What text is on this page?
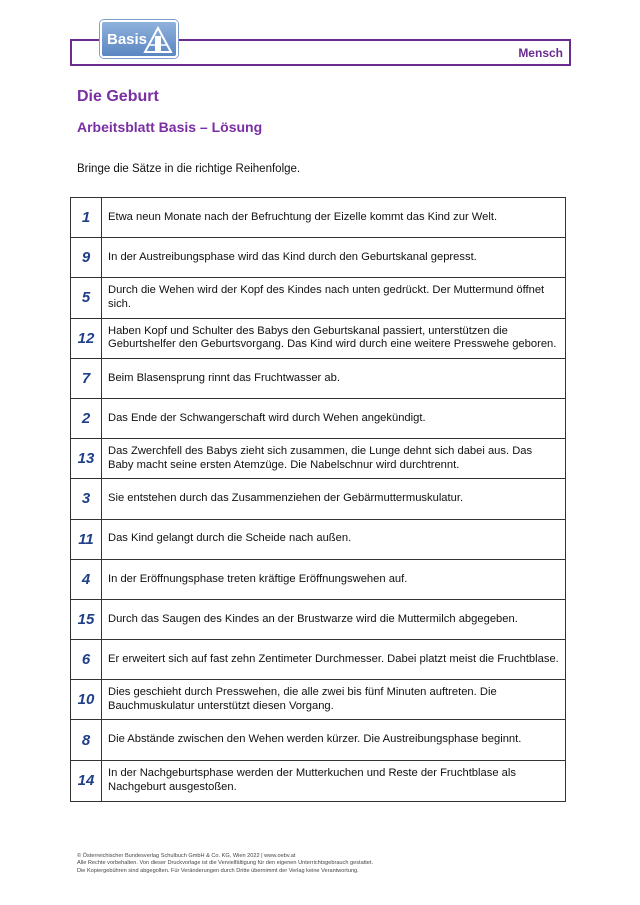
Basis
Mensch
Die Geburt
Arbeitsblatt Basis – Lösung

Bringe die Sätze in die richtige Reihenfolge.

1	Etwa neun Monate nach der Befruchtung der Eizelle kommt das Kind zur Welt.
9	In der Austreibungsphase wird das Kind durch den Geburtskanal gepresst.
5	Durch die Wehen wird der Kopf des Kindes nach unten gedrückt. Der Muttermund öffnet sich.
12	Haben Kopf und Schulter des Babys den Geburtskanal passiert, unterstützen die Geburtshelfer den Geburtsvorgang. Das Kind wird durch eine weitere Presswehe geboren.
7	Beim Blasensprung rinnt das Fruchtwasser ab.
2	Das Ende der Schwangerschaft wird durch Wehen angekündigt.
13	Das Zwerchfell des Babys zieht sich zusammen, die Lunge dehnt sich dabei aus. Das Baby macht seine ersten Atemzüge. Die Nabelschnur wird durchtrennt.
3	Sie entstehen durch das Zusammenziehen der Gebärmuttermuskulatur.
11	Das Kind gelangt durch die Scheide nach außen.
4	In der Eröffnungsphase treten kräftige Eröffnungswehen auf.
15	Durch das Saugen des Kindes an der Brustwarze wird die Muttermilch abgegeben.
6	Er erweitert sich auf fast zehn Zentimeter Durchmesser. Dabei platzt meist die Fruchtblase.
10	Dies geschieht durch Presswehen, die alle zwei bis fünf Minuten auftreten. Die Bauchmuskulatur unterstützt diesen Vorgang.
8	Die Abstände zwischen den Wehen werden kürzer. Die Austreibungsphase beginnt.
14	In der Nachgeburtsphase werden der Mutterkuchen und Reste der Fruchtblase als Nachgeburt ausgestoßen.
© Österreichischer Bundesverlag Schulbuch GmbH & Co. KG, Wien 2022 | www.oebv.at
Alle Rechte vorbehalten. Von dieser Druckvorlage ist die Vervielfältigung für den eigenen Unterrichtsgebrauch gestattet.
Die Kopiergebühren sind abgegolten. Für Veränderungen durch Dritte übernimmt der Verlag keine Verantwortung.
